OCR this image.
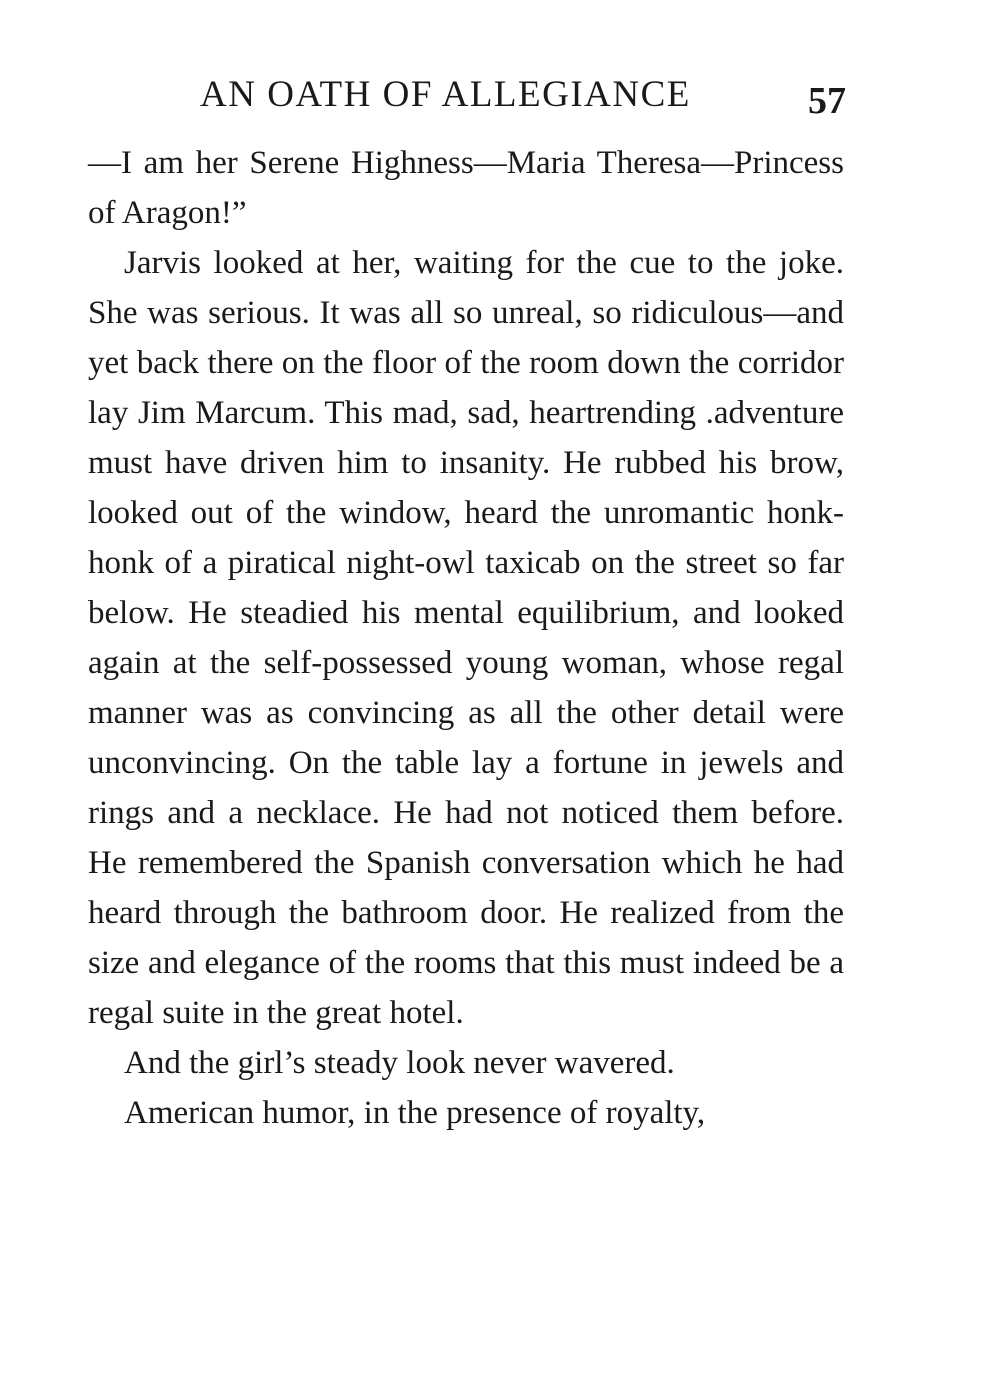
AN OATH OF ALLEGIANCE	57

—I am her Serene Highness—Maria Theresa—Princess of Aragon!”

Jarvis looked at her, waiting for the cue to the joke. She was serious. It was all so unreal, so ridiculous—and yet back there on the floor of the room down the corridor lay Jim Marcum. This mad, sad, heartrending .adventure must have driven him to insanity. He rubbed his brow, looked out of the window, heard the unromantic honk-honk of a piratical night-owl taxicab on the street so far below. He steadied his mental equilibrium, and looked again at the self-possessed young woman, whose regal manner was as convincing as all the other detail were unconvincing. On the table lay a fortune in jewels and rings and a necklace. He had not noticed them before. He remembered the Spanish conversation which he had heard through the bathroom door. He realized from the size and elegance of the rooms that this must indeed be a regal suite in the great hotel.

And the girl’s steady look never wavered.

American humor, in the presence of royalty,
